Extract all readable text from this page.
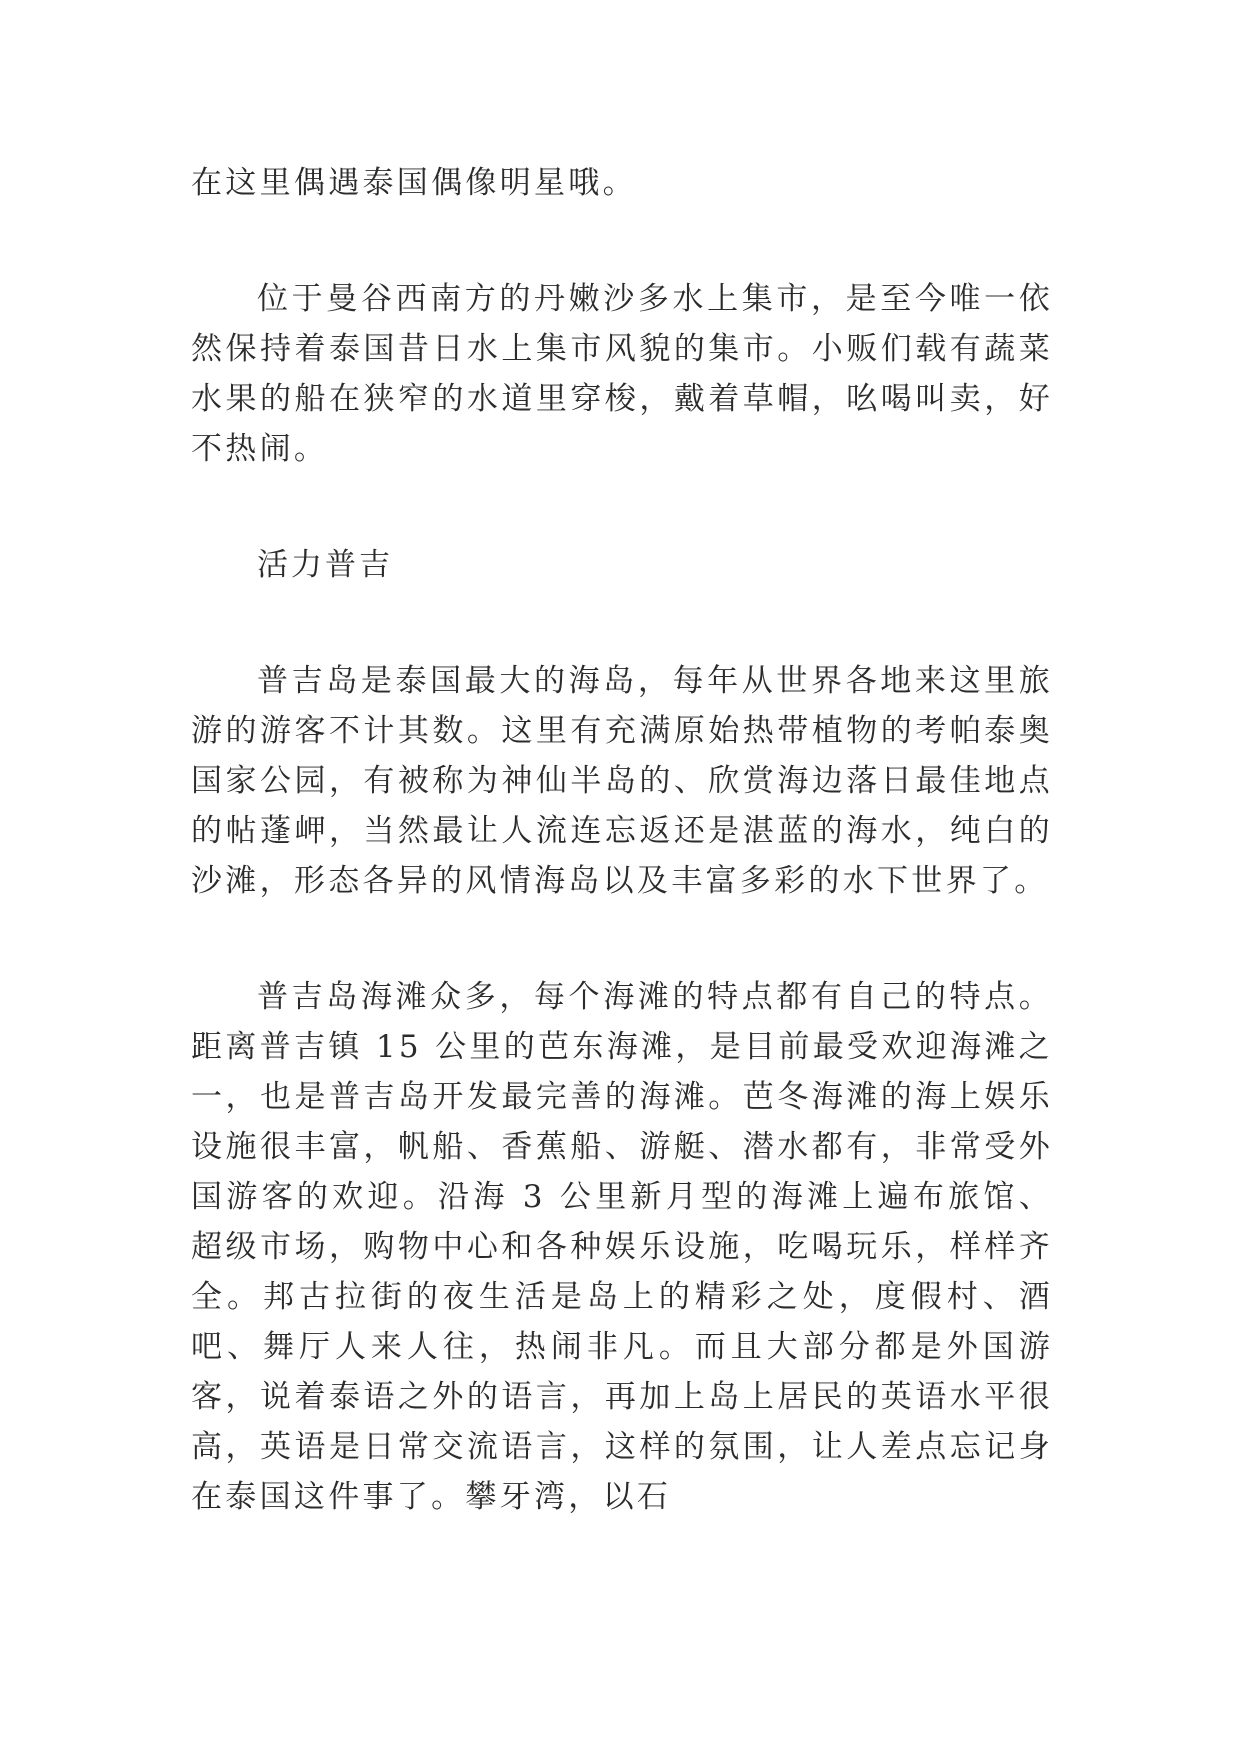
在这里偶遇泰国偶像明星哦。

位于曼谷西南方的丹嫩沙多水上集市，是至今唯一依然保持着泰国昔日水上集市风貌的集市。小贩们载有蔬菜水果的船在狭窄的水道里穿梭，戴着草帽，吆喝叫卖，好不热闹。

活力普吉

普吉岛是泰国最大的海岛，每年从世界各地来这里旅游的游客不计其数。这里有充满原始热带植物的考帕泰奥国家公园，有被称为神仙半岛的、欣赏海边落日最佳地点的帖蓬岬，当然最让人流连忘返还是湛蓝的海水，纯白的沙滩，形态各异的风情海岛以及丰富多彩的水下世界了。

普吉岛海滩众多，每个海滩的特点都有自己的特点。距离普吉镇 15 公里的芭东海滩，是目前最受欢迎海滩之一，也是普吉岛开发最完善的海滩。芭冬海滩的海上娱乐设施很丰富，帆船、香蕉船、游艇、潜水都有，非常受外国游客的欢迎。沿海 3 公里新月型的海滩上遍布旅馆、超级市场，购物中心和各种娱乐设施，吃喝玩乐，样样齐全。邦古拉街的夜生活是岛上的精彩之处，度假村、酒吧、舞厅人来人往，热闹非凡。而且大部分都是外国游客，说着泰语之外的语言，再加上岛上居民的英语水平很高，英语是日常交流语言，这样的氛围，让人差点忘记身在泰国这件事了。攀牙湾，以石
